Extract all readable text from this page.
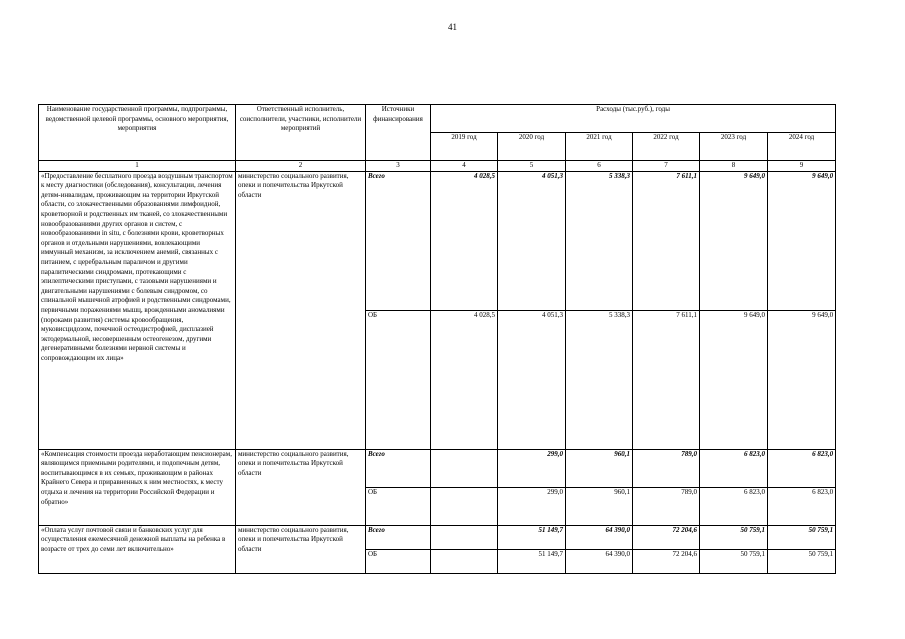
41
Наименование государственной программы, подпрограммы, ведомственной целевой программы, основного мероприятия, мероприятия	Ответственный исполнитель, соисполнители, участники, исполнители мероприятий	Источники финансирования	Расходы (тыс.руб.), годы					
			2019 год	2020 год	2021 год	2022 год	2023 год	2024 год
1	2	3	4	5	6	7	8	9
«Предоставление бесплатного проезда воздушным транспортом к месту диагностики (обследования), консультации, лечения детям-инвалидам, проживающим на территории Иркутской области, со злокачественными образованиями лимфоидной, кроветворной и родственных им тканей, со злокачественными новообразованиями других органов и систем, с новообразованиями in situ, с болезнями крови, кроветворных органов и отдельными нарушениями, вовлекающими иммунный механизм, за исключением анемий, связанных с питанием, с церебральным параличом и другими паралитическими синдромами, протекающими с эпилептическими приступами, с тазовыми нарушениями и двигательными нарушениями с болевым синдромом, со спинальной мышечной атрофией и родственными синдромами, первичными поражениями мышц, врожденными аномалиями (пороками развития) системы кровообращения, муковисцидозом, почечной остеодистрофией, дисплазией эктодермальной, несовершенным остеогенезом, другими дегенеративными болезнями нервной системы и сопровождающим их лица»	министерство социального развития, опеки и попечительства Иркутской области	Всего	4 028,5	4 051,3	5 338,3	7 611,1	9 649,0	9 649,0
		ОБ	4 028,5	4 051,3	5 338,3	7 611,1	9 649,0	9 649,0
«Компенсация стоимости проезда неработающим пенсионерам, являющимся приемными родителями, и подопечным детям, воспитывающимся в их семьях, проживающим в районах Крайнего Севера и приравненных к ним местностях, к месту отдыха и лечения на территории Российской Федерации и обратно»	министерство социального развития, опеки и попечительства Иркутской области	Всего		299,0	960,1	789,0	6 823,0	6 823,0
		ОБ		299,0	960,1	789,0	6 823,0	6 823,0
«Оплата услуг почтовой связи и банковских услуг для осуществления ежемесячной денежной выплаты на ребенка в возрасте от трех до семи лет включительно»	министерство социального развития, опеки и попечительства Иркутской области	Всего		51 149,7	64 390,0	72 204,6	50 759,1	50 759,1
		ОБ		51 149,7	64 390,0	72 204,6	50 759,1	50 759,1
